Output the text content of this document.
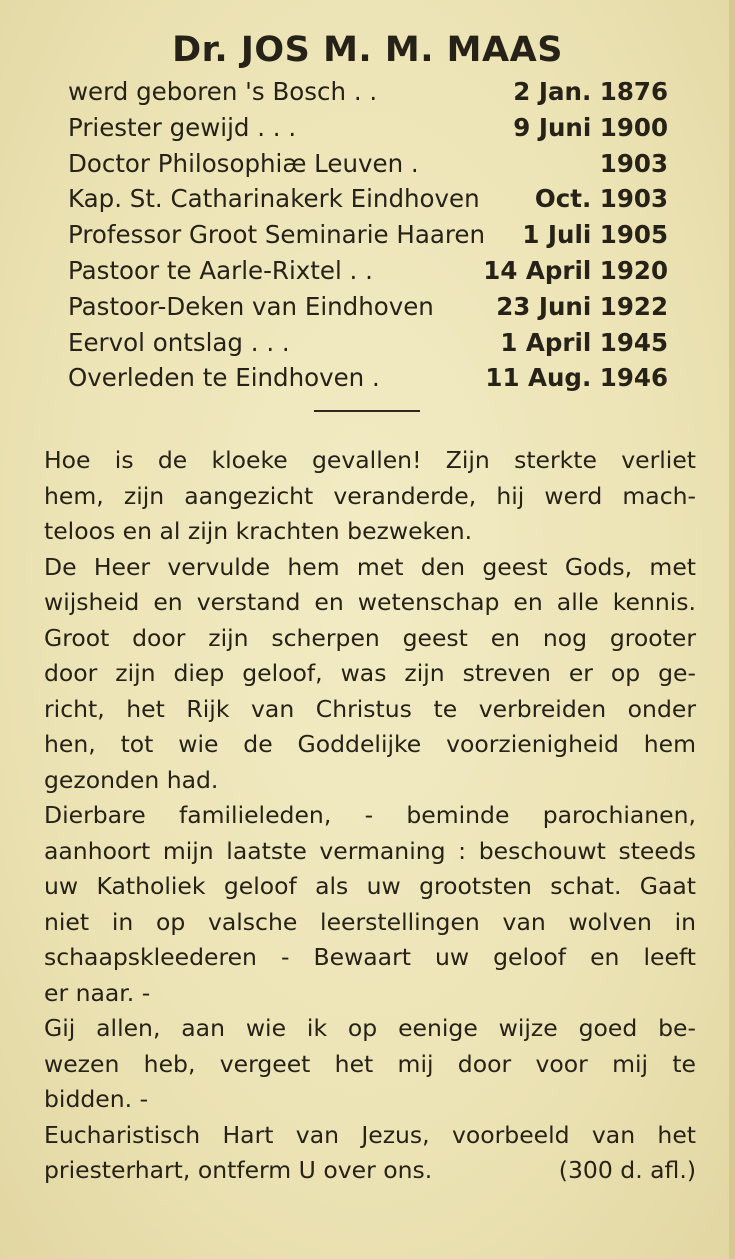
Dr. JOS M. M. MAAS
werd geboren 's Bosch . .	2 Jan. 1876
Priester gewijd . . .	9 Juni 1900
Doctor Philosophiæ Leuven .	1903
Kap. St. Catharinakerk Eindhoven Oct. 1903
Professor Groot Seminarie Haaren 1 Juli 1905
Pastoor te Aarle-Rixtel . .	14 April 1920
Pastoor-Deken van Eindhoven	23 Juni 1922
Eervol ontslag . . .	1 April 1945
Overleden te Eindhoven .	11 Aug. 1946
Hoe is de kloeke gevallen! Zijn sterkte verliet
hem, zijn aangezicht veranderde, hij werd mach-
teloos en al zijn krachten bezweken.
De Heer vervulde hem met den geest Gods, met
wijsheid en verstand en wetenschap en alle kennis.
Groot door zijn scherpen geest en nog grooter
door zijn diep geloof, was zijn streven er op ge-
richt, het Rijk van Christus te verbreiden onder
hen, tot wie de Goddelijke voorzienigheid hem
gezonden had.
Dierbare familieleden, - beminde parochianen,
aanhoort mijn laatste vermaning : beschouwt steeds
uw Katholiek geloof als uw grootsten schat. Gaat
niet in op valsche leerstellingen van wolven in
schaapskleederen - Bewaart uw geloof en leeft
er naar. -
Gij allen, aan wie ik op eenige wijze goed be-
wezen heb, vergeet het mij door voor mij te
bidden. -
Eucharistisch Hart van Jezus, voorbeeld van het
priesterhart, ontferm U over ons.	(300 d. afl.)
